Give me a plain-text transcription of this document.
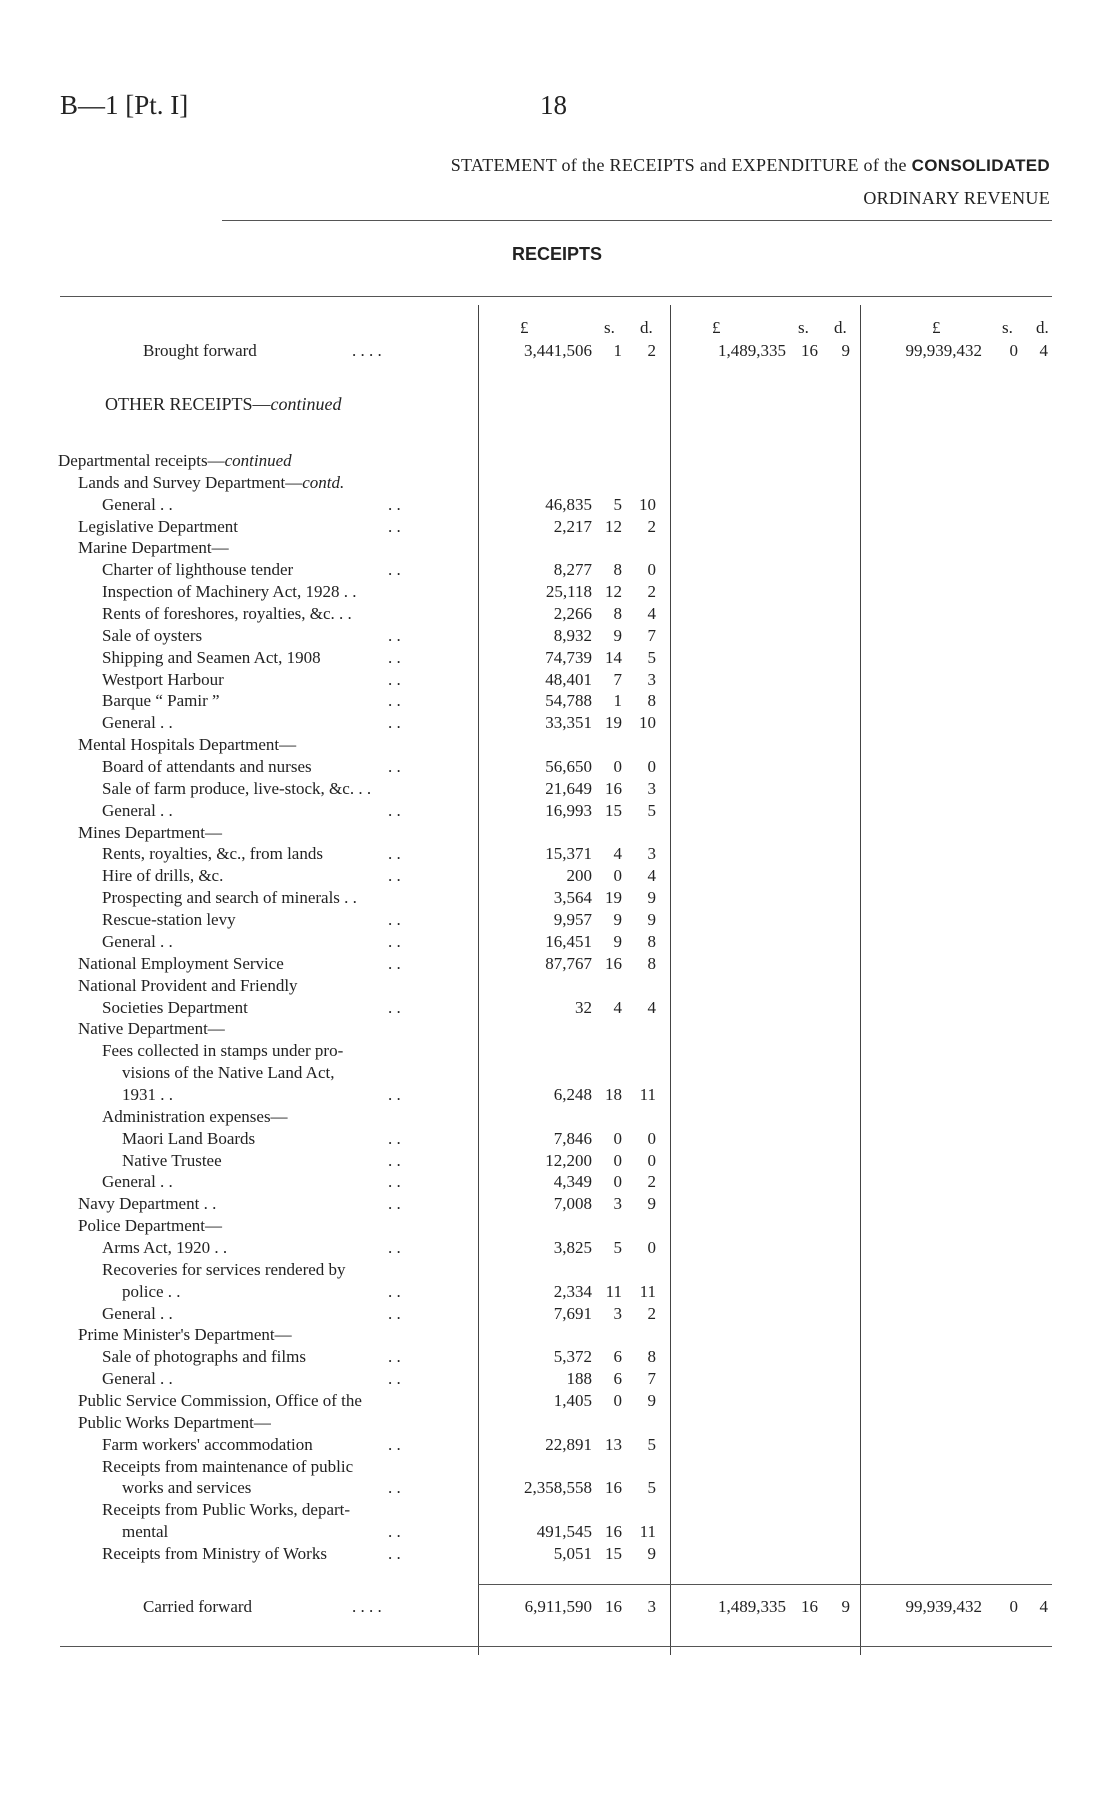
B—1 [Pt. I]	18
STATEMENT of the RECEIPTS and EXPENDITURE of the CONSOLIDATED
ORDINARY REVENUE
RECEIPTS
£	s. d.	£	s. d.	£	s. d.
Brought forward	. . . .	3,441,506	1	2	1,489,335 16	9	99,939,432	0	4
OTHER RECEIPTS—continued
Departmental receipts—continued
Lands and Survey Department—contd.
General . .	. .	46,835	5 10
Legislative Department	. .	2,217 12	2
Marine Department—
Charter of lighthouse tender	. .	8,277	8	0
Inspection of Machinery Act, 1928 . .	25,118 12	2
Rents of foreshores, royalties, &c. . .	2,266	8	4
Sale of oysters	. .	8,932	9	7
Shipping and Seamen Act, 1908	. .	74,739 14	5
Westport Harbour	. .	48,401	7	3
Barque “ Pamir ”	. .	54,788	1	8
General . .	. .	33,351 19 10
Mental Hospitals Department—
Board of attendants and nurses	. .	56,650	0	0
Sale of farm produce, live-stock, &c. . .	21,649 16	3
General . .	. .	16,993 15	5
Mines Department—
Rents, royalties, &c., from lands	. .	15,371	4	3
Hire of drills, &c.	. .	200	0	4
Prospecting and search of minerals . .	3,564 19	9
Rescue-station levy	. .	9,957	9	9
General . .	. .	16,451	9	8
National Employment Service	. .	87,767 16	8
National Provident and Friendly
Societies Department	. .	32	4	4
Native Department—
Fees collected in stamps under pro-
visions of the Native Land Act,
1931 . .	. .	6,248 18	11
Administration expenses—
Maori Land Boards	. .	7,846	0	0
Native Trustee	. .	12,200	0	0
General . .	. .	4,349	0	2
Navy Department . .	. .	7,008	3	9
Police Department—
Arms Act, 1920 . .	. .	3,825	5	0
Recoveries for services rendered by
police . .	. .	2,334 11	11
General . .	. .	7,691	3	2
Prime Minister's Department—
Sale of photographs and films	. .	5,372	6	8
General . .	. .	188	6	7
Public Service Commission, Office of the	1,405	0	9
Public Works Department—
Farm workers' accommodation	. .	22,891 13	5
Receipts from maintenance of public
works and services	. .	2,358,558 16	5
Receipts from Public Works, depart-
mental	. .	491,545 16	11
Receipts from Ministry of Works	. .	5,051 15	9
Carried forward	. . . .	6,911,590 16	3	1,489,335 16	9	99,939,432	0	4
